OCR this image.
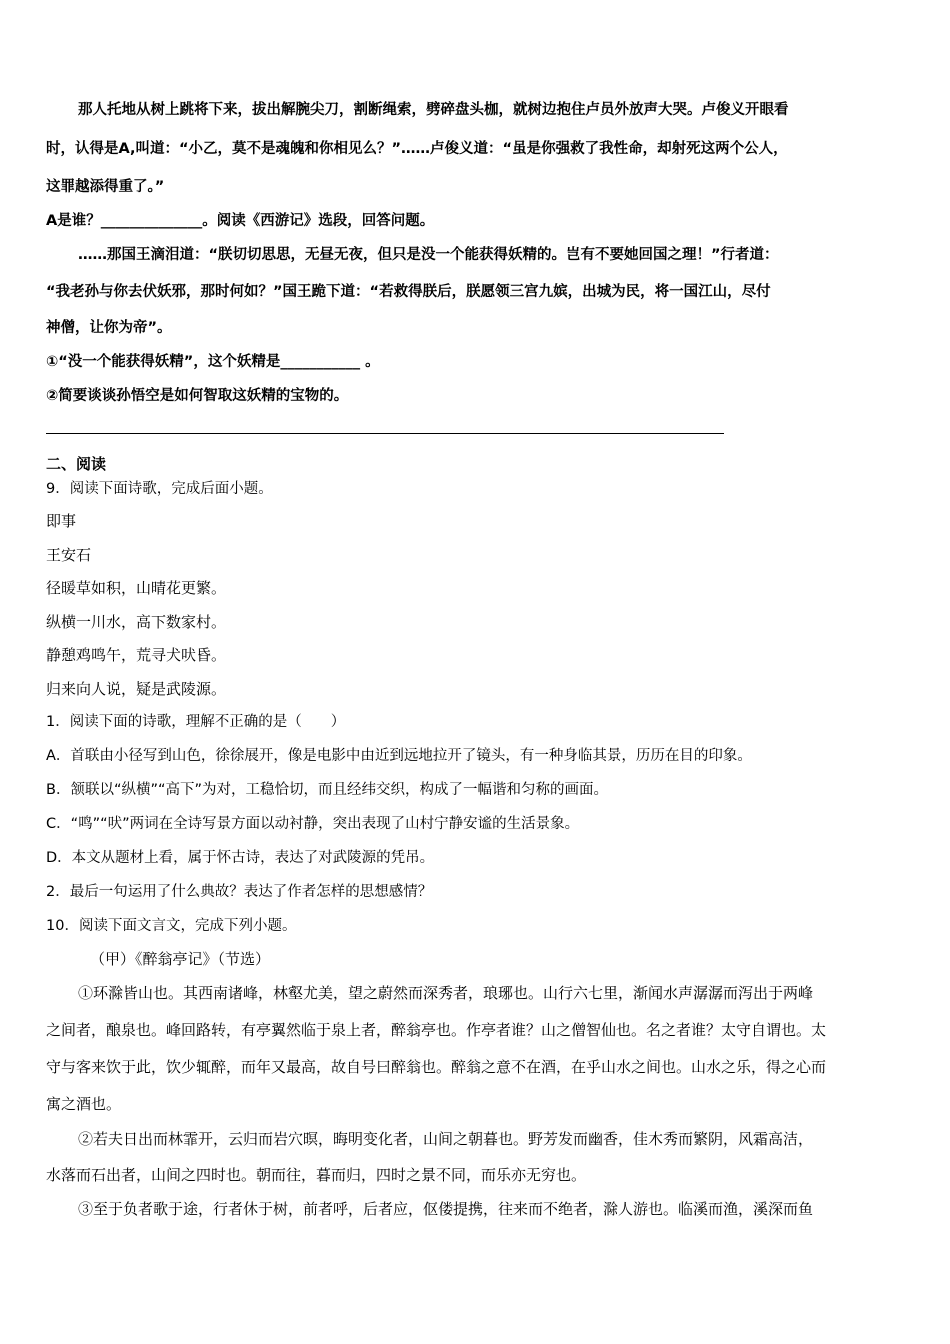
那人托地从树上跳将下来，拔出解腕尖刀，割断绳索，劈碎盘头枷，就树边抱住卢员外放声大哭。卢俊义开眼看
时，认得是A,叫道：“小乙，莫不是魂魄和你相见么？”……卢俊义道：“虽是你强救了我性命，却射死这两个公人，
这罪越添得重了。”
A是谁？______________。阅读《西游记》选段，回答问题。
……那国王滴泪道：“朕切切思思，无昼无夜，但只是没一个能获得妖精的。岂有不要她回国之理！”行者道：
“我老孙与你去伏妖邪，那时何如？”国王跪下道：“若救得朕后，朕愿领三宫九嫔，出城为民，将一国江山，尽付
神僧，让你为帝”。
①“没一个能获得妖精”，这个妖精是___________ 。
②简要谈谈孙悟空是如何智取这妖精的宝物的。
二、阅读
9．阅读下面诗歌，完成后面小题。
即事
王安石
径暖草如积，山晴花更繁。
纵横一川水，高下数家村。
静憩鸡鸣午，荒寻犬吠昏。
归来向人说，疑是武陵源。
1．阅读下面的诗歌，理解不正确的是（　　）
A．首联由小径写到山色，徐徐展开，像是电影中由近到远地拉开了镜头，有一种身临其景，历历在目的印象。
B．颔联以“纵横”“高下”为对，工稳恰切，而且经纬交织，构成了一幅谐和匀称的画面。
C．“鸣”“吠”两词在全诗写景方面以动衬静，突出表现了山村宁静安谧的生活景象。
D．本文从题材上看，属于怀古诗，表达了对武陵源的凭吊。
2．最后一句运用了什么典故？表达了作者怎样的思想感情？
10．阅读下面文言文，完成下列小题。
（甲）《醉翁亭记》（节选）
①环滁皆山也。其西南诸峰，林壑尤美，望之蔚然而深秀者，琅琊也。山行六七里，渐闻水声潺潺而泻出于两峰
之间者，酿泉也。峰回路转，有亭翼然临于泉上者，醉翁亭也。作亭者谁？山之僧智仙也。名之者谁？太守自谓也。太
守与客来饮于此，饮少辄醉，而年又最高，故自号曰醉翁也。醉翁之意不在酒，在乎山水之间也。山水之乐，得之心而
寓之酒也。
②若夫日出而林霏开，云归而岩穴暝，晦明变化者，山间之朝暮也。野芳发而幽香，佳木秀而繁阴，风霜高洁，
水落而石出者，山间之四时也。朝而往，暮而归，四时之景不同，而乐亦无穷也。
③至于负者歌于途，行者休于树，前者呼，后者应，伛偻提携，往来而不绝者，滁人游也。临溪而渔，溪深而鱼
